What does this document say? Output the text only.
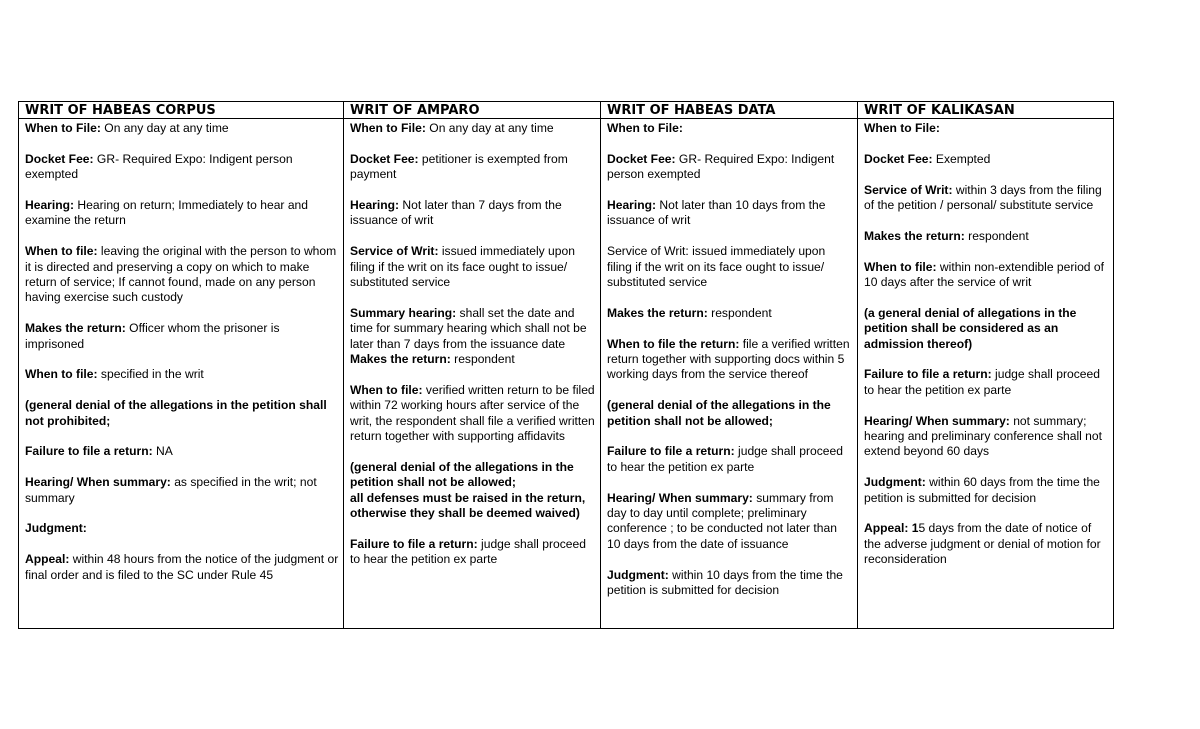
WRIT OF HABEAS CORPUS
When to File: On any day at any time
Docket Fee: GR- Required Expo: Indigent person exempted
Hearing: Hearing on return; Immediately to hear and examine the return
When to file: leaving the original with the person to whom it is directed and preserving a copy on which to make return of service; If cannot found, made on any person having exercise such custody
Makes the return: Officer whom the prisoner is imprisoned
When to file: specified in the writ
(general denial of the allegations in the petition shall not prohibited;
Failure to file a return: NA
Hearing/ When summary: as specified in the writ; not summary
Judgment:
Appeal: within 48 hours from the notice of the judgment or final order and is filed to the SC under Rule 45
WRIT OF AMPARO
When to File: On any day at any time
Docket Fee: petitioner is exempted from payment
Hearing: Not later than 7 days from the issuance of writ
Service of Writ: issued immediately upon filing if the writ on its face ought to issue/ substituted service
Summary hearing: shall set the date and time for summary hearing which shall not be later than 7 days from the issuance date
Makes the return: respondent
When to file: verified written return to be filed within 72 working hours after service of the writ, the respondent shall file a verified written return together with supporting affidavits
(general denial of the allegations in the petition shall not be allowed;
all defenses must be raised in the return, otherwise they shall be deemed waived)
Failure to file a return: judge shall proceed to hear the petition ex parte
WRIT OF HABEAS DATA
When to File:
Docket Fee: GR- Required Expo: Indigent person exempted
Hearing: Not later than 10 days from the issuance of writ
Service of Writ: issued immediately upon filing if the writ on its face ought to issue/ substituted service
Makes the return: respondent
When to file the return: file a verified written return together with supporting docs within 5 working days from the service thereof
(general denial of the allegations in the petition shall not be allowed;
Failure to file a return: judge shall proceed to hear the petition ex parte
Hearing/ When summary: summary from day to day until complete; preliminary conference ; to be conducted not later than 10 days from the date of issuance
Judgment: within 10 days from the time the petition is submitted for decision
WRIT OF KALIKASAN
When to File:
Docket Fee: Exempted
Service of Writ: within 3 days from the filing of the petition / personal/ substitute service
Makes the return: respondent
When to file: within non-extendible period of 10 days after the service of writ
(a general denial of allegations in the petition shall be considered as an admission thereof)
Failure to file a return: judge shall proceed to hear the petition ex parte
Hearing/ When summary: not summary; hearing and preliminary conference shall not extend beyond 60 days
Judgment: within 60 days from the time the petition is submitted for decision
Appeal: 15 days from the date of notice of the adverse judgment or denial of motion for reconsideration
